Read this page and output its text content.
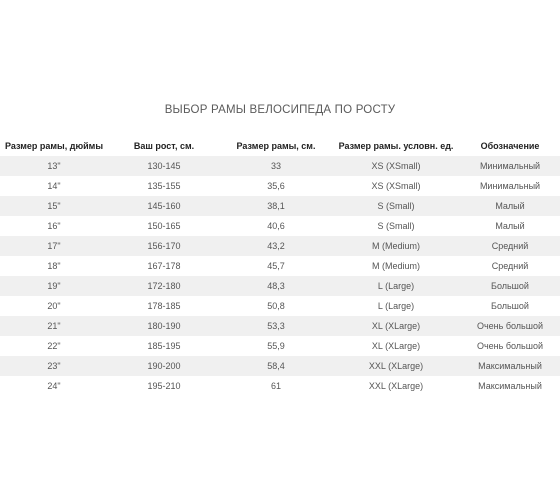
ВЫБОР РАМЫ ВЕЛОСИПЕДА ПО РОСТУ
Размер рамы, дюймы	Ваш рост, см.	Размер рамы, см.	Размер рамы. условн. ед.	Обозначение
13"	130-145	33	XS (XSmall)	Минимальный
14"	135-155	35,6	XS (XSmall)	Минимальный
15"	145-160	38,1	S (Small)	Малый
16"	150-165	40,6	S (Small)	Малый
17"	156-170	43,2	M (Medium)	Средний
18"	167-178	45,7	M (Medium)	Средний
19"	172-180	48,3	L (Large)	Большой
20"	178-185	50,8	L (Large)	Большой
21"	180-190	53,3	XL (XLarge)	Очень большой
22"	185-195	55,9	XL (XLarge)	Очень большой
23"	190-200	58,4	XXL (XLarge)	Максимальный
24"	195-210	61	XXL (XLarge)	Максимальный
